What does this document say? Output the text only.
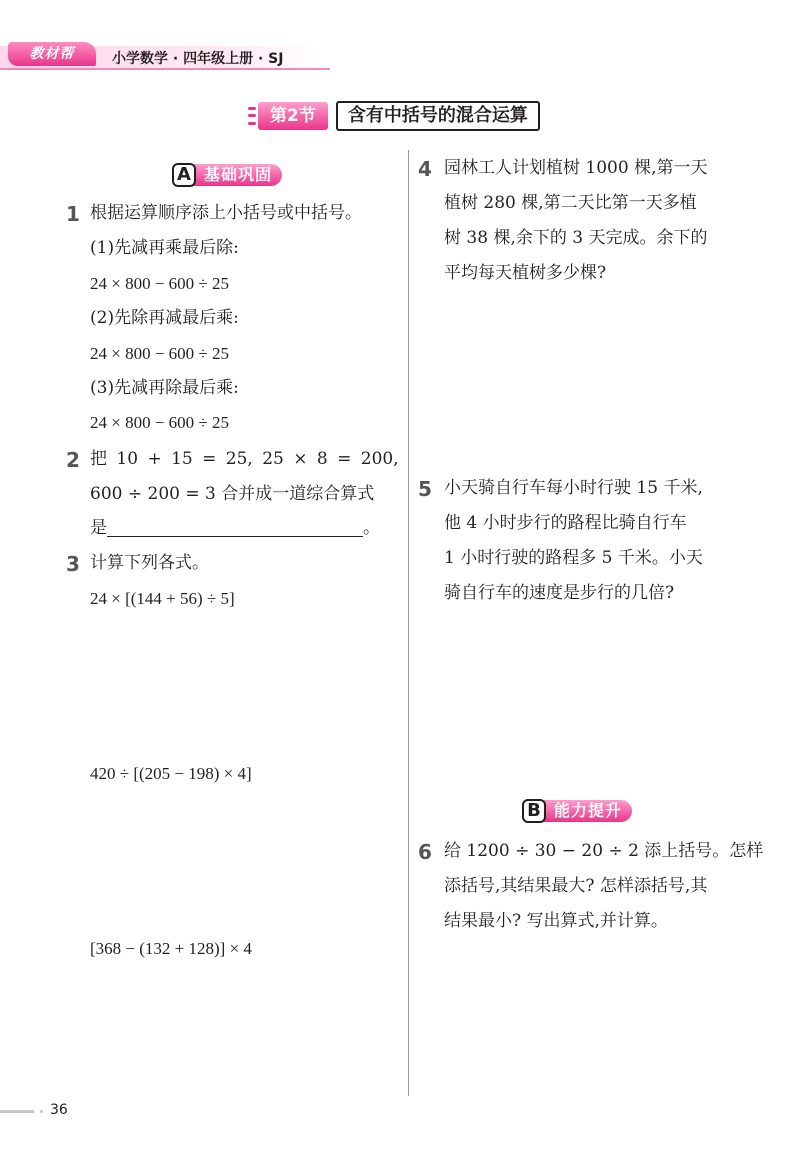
教材帮	小学数学 · 四年级上册 · SJ
第2节	含有中括号的混合运算
A 基础巩固
1 根据运算顺序添上小括号或中括号。
(1)先减再乘最后除:
24 × 800 − 600 ÷ 25
(2)先除再减最后乘:
24 × 800 − 600 ÷ 25
(3)先减再除最后乘:
24 × 800 − 600 ÷ 25
2 把 10 + 15 = 25, 25 × 8 = 200,
600 ÷ 200 = 3 合并成一道综合算式
是	。
3 计算下列各式。
24 × [(144 + 56) ÷ 5]
420 ÷ [(205 − 198) × 4]
[368 − (132 + 128)] × 4
4 园林工人计划植树 1000 棵,第一天
植树 280 棵,第二天比第一天多植
树 38 棵,余下的 3 天完成。余下的
平均每天植树多少棵?
5 小天骑自行车每小时行驶 15 千米,
他 4 小时步行的路程比骑自行车
1 小时行驶的路程多 5 千米。小天
骑自行车的速度是步行的几倍?
B 能力提升
6 给 1200 ÷ 30 − 20 ÷ 2 添上括号。怎样
添括号,其结果最大? 怎样添括号,其
结果最小? 写出算式,并计算。
36
